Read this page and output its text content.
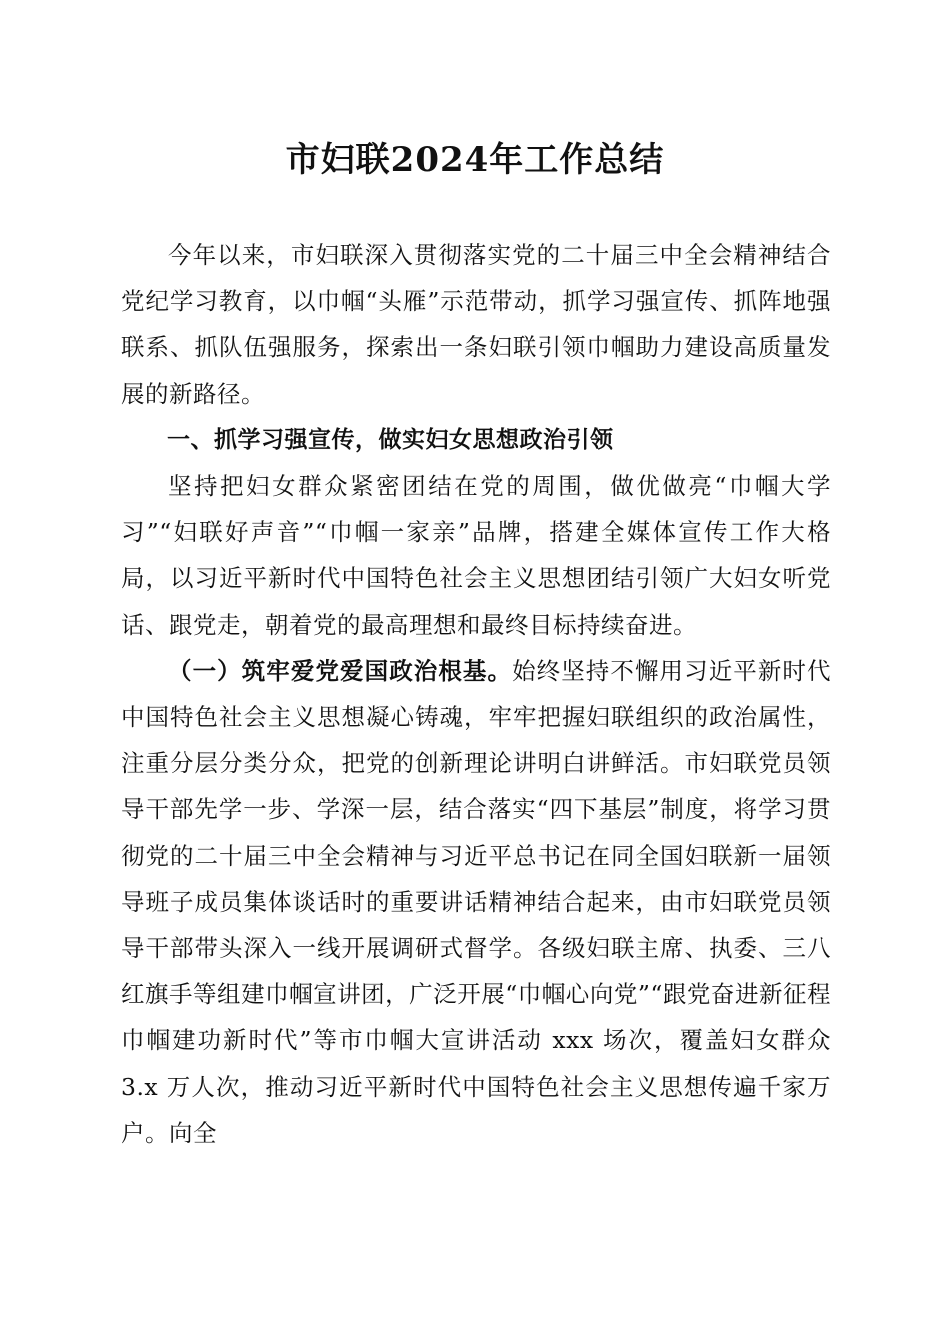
市妇联2024年工作总结

今年以来，市妇联深入贯彻落实党的二十届三中全会精神结合党纪学习教育，以巾帼“头雁”示范带动，抓学习强宣传、抓阵地强联系、抓队伍强服务，探索出一条妇联引领巾帼助力建设高质量发展的新路径。

一、抓学习强宣传，做实妇女思想政治引领

坚持把妇女群众紧密团结在党的周围，做优做亮“巾帼大学习”“妇联好声音”“巾帼一家亲”品牌，搭建全媒体宣传工作大格局，以习近平新时代中国特色社会主义思想团结引领广大妇女听党话、跟党走，朝着党的最高理想和最终目标持续奋进。

（一）筑牢爱党爱国政治根基。始终坚持不懈用习近平新时代中国特色社会主义思想凝心铸魂，牢牢把握妇联组织的政治属性，注重分层分类分众，把党的创新理论讲明白讲鲜活。市妇联党员领导干部先学一步、学深一层，结合落实“四下基层”制度，将学习贯彻党的二十届三中全会精神与习近平总书记在同全国妇联新一届领导班子成员集体谈话时的重要讲话精神结合起来，由市妇联党员领导干部带头深入一线开展调研式督学。各级妇联主席、执委、三八红旗手等组建巾帼宣讲团，广泛开展“巾帼心向党”“跟党奋进新征程巾帼建功新时代”等市巾帼大宣讲活动 xxx 场次，覆盖妇女群众 3.x 万人次，推动习近平新时代中国特色社会主义思想传遍千家万户。向全
